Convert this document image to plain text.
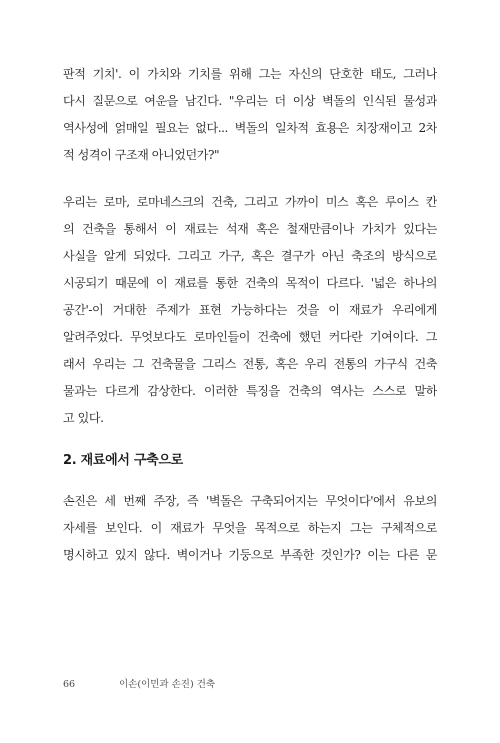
판적 기치'. 이 가치와 기치를 위해 그는 자신의 단호한 태도, 그러나
다시 질문으로 여운을 남긴다. "우리는 더 이상 벽돌의 인식된 물성과
역사성에 얽매일 필요는 없다... 벽돌의 일차적 효용은 치장재이고 2차
적 성격이 구조재 아니었던가?"

우리는 로마, 로마네스크의 건축, 그리고 가까이 미스 혹은 루이스 칸
의 건축을 통해서 이 재료는 석재 혹은 철재만큼이나 가치가 있다는
사실을 알게 되었다. 그리고 가구, 혹은 결구가 아닌 축조의 방식으로
시공되기 때문에 이 재료를 통한 건축의 목적이 다르다. '넓은 하나의
공간'-이 거대한 주제가 표현 가능하다는 것을 이 재료가 우리에게
알려주었다. 무엇보다도 로마인들이 건축에 했던 커다란 기여이다. 그
래서 우리는 그 건축물을 그리스 전통, 혹은 우리 전통의 가구식 건축
물과는 다르게 감상한다. 이러한 특징을 건축의 역사는 스스로 말하
고 있다.

2. 재료에서 구축으로

손진은 세 번째 주장, 즉 '벽돌은 구축되어지는 무엇이다'에서 유보의
자세를 보인다. 이 재료가 무엇을 목적으로 하는지 그는 구체적으로
명시하고 있지 않다. 벽이거나 기둥으로 부족한 것인가? 이는 다른 문

66	이손(이민과 손진) 건축
